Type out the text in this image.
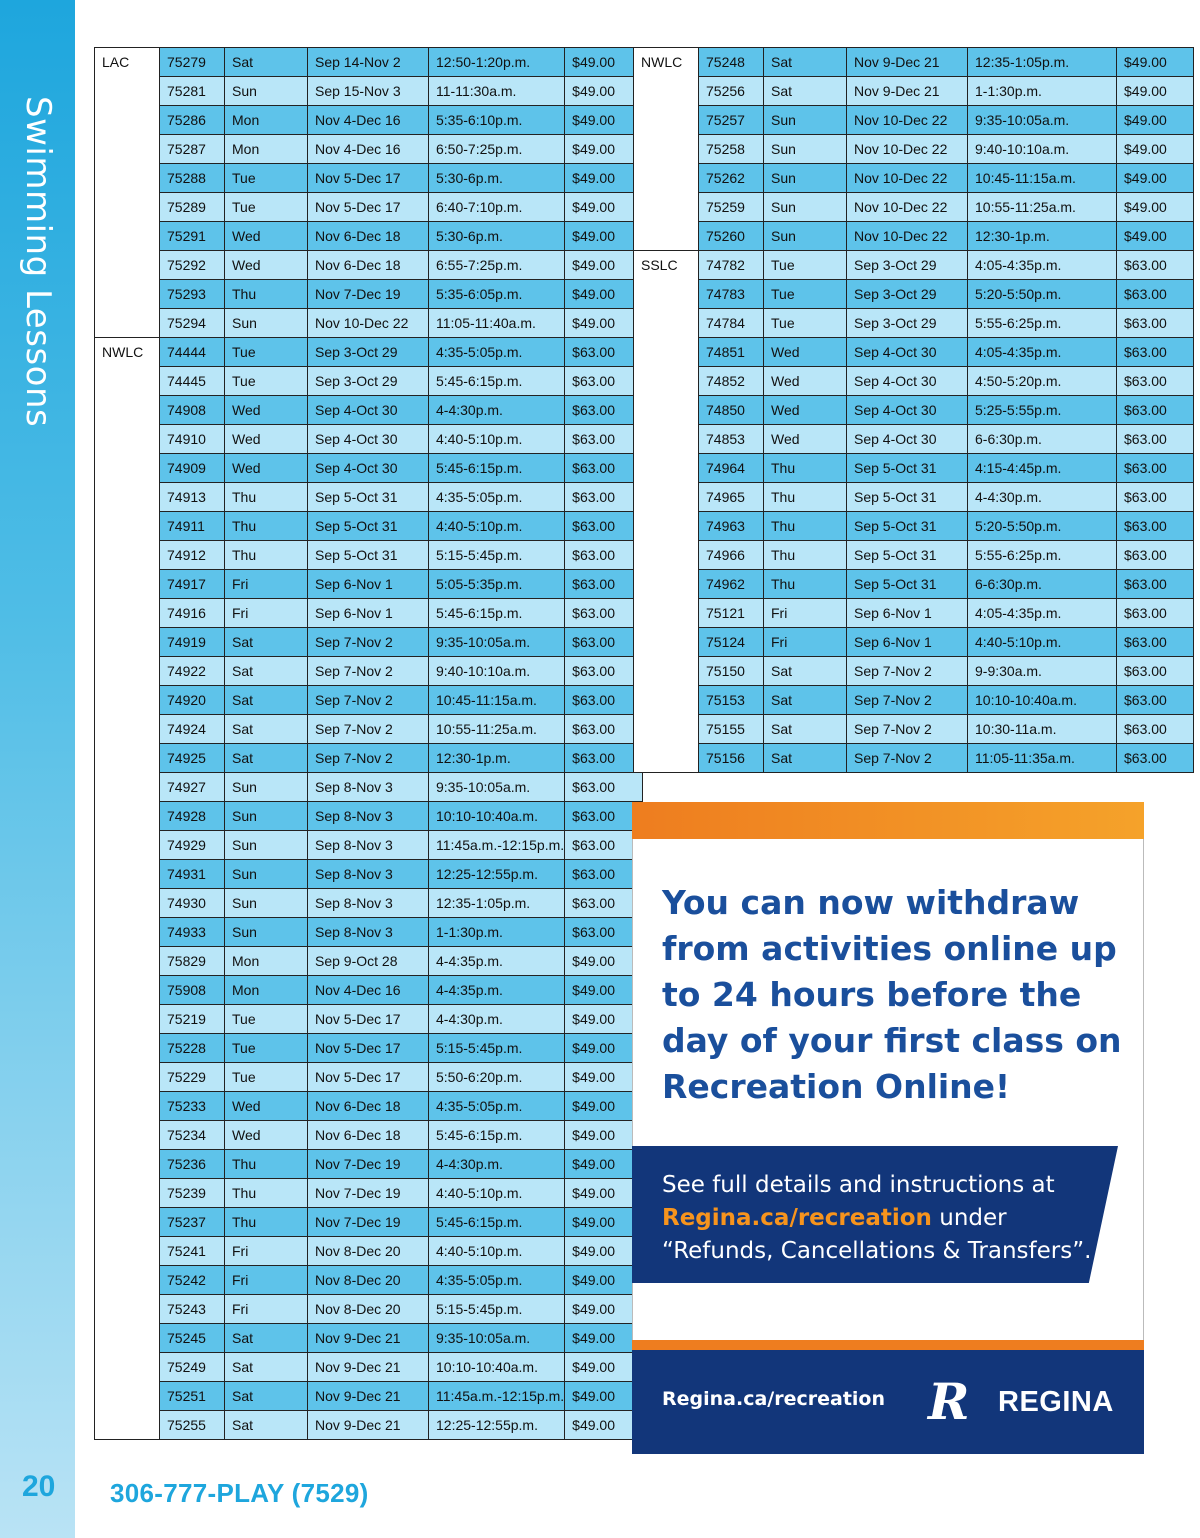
Swimming Lessons
LAC	75279	Sat	Sep 14-Nov 2	12:50-1:20p.m.	$49.00
	75281	Sun	Sep 15-Nov 3	11-11:30a.m.	$49.00
	75286	Mon	Nov 4-Dec 16	5:35-6:10p.m.	$49.00
	75287	Mon	Nov 4-Dec 16	6:50-7:25p.m.	$49.00
	75288	Tue	Nov 5-Dec 17	5:30-6p.m.	$49.00
	75289	Tue	Nov 5-Dec 17	6:40-7:10p.m.	$49.00
	75291	Wed	Nov 6-Dec 18	5:30-6p.m.	$49.00
	75292	Wed	Nov 6-Dec 18	6:55-7:25p.m.	$49.00
	75293	Thu	Nov 7-Dec 19	5:35-6:05p.m.	$49.00
	75294	Sun	Nov 10-Dec 22	11:05-11:40a.m.	$49.00
NWLC	74444	Tue	Sep 3-Oct 29	4:35-5:05p.m.	$63.00
	74445	Tue	Sep 3-Oct 29	5:45-6:15p.m.	$63.00
	74908	Wed	Sep 4-Oct 30	4-4:30p.m.	$63.00
	74910	Wed	Sep 4-Oct 30	4:40-5:10p.m.	$63.00
	74909	Wed	Sep 4-Oct 30	5:45-6:15p.m.	$63.00
	74913	Thu	Sep 5-Oct 31	4:35-5:05p.m.	$63.00
	74911	Thu	Sep 5-Oct 31	4:40-5:10p.m.	$63.00
	74912	Thu	Sep 5-Oct 31	5:15-5:45p.m.	$63.00
	74917	Fri	Sep 6-Nov 1	5:05-5:35p.m.	$63.00
	74916	Fri	Sep 6-Nov 1	5:45-6:15p.m.	$63.00
	74919	Sat	Sep 7-Nov 2	9:35-10:05a.m.	$63.00
	74922	Sat	Sep 7-Nov 2	9:40-10:10a.m.	$63.00
	74920	Sat	Sep 7-Nov 2	10:45-11:15a.m.	$63.00
	74924	Sat	Sep 7-Nov 2	10:55-11:25a.m.	$63.00
	74925	Sat	Sep 7-Nov 2	12:30-1p.m.	$63.00
	74927	Sun	Sep 8-Nov 3	9:35-10:05a.m.	$63.00
	74928	Sun	Sep 8-Nov 3	10:10-10:40a.m.	$63.00
	74929	Sun	Sep 8-Nov 3	11:45a.m.-12:15p.m.	$63.00
	74931	Sun	Sep 8-Nov 3	12:25-12:55p.m.	$63.00
	74930	Sun	Sep 8-Nov 3	12:35-1:05p.m.	$63.00
	74933	Sun	Sep 8-Nov 3	1-1:30p.m.	$63.00
	75829	Mon	Sep 9-Oct 28	4-4:35p.m.	$49.00
	75908	Mon	Nov 4-Dec 16	4-4:35p.m.	$49.00
	75219	Tue	Nov 5-Dec 17	4-4:30p.m.	$49.00
	75228	Tue	Nov 5-Dec 17	5:15-5:45p.m.	$49.00
	75229	Tue	Nov 5-Dec 17	5:50-6:20p.m.	$49.00
	75233	Wed	Nov 6-Dec 18	4:35-5:05p.m.	$49.00
	75234	Wed	Nov 6-Dec 18	5:45-6:15p.m.	$49.00
	75236	Thu	Nov 7-Dec 19	4-4:30p.m.	$49.00
	75239	Thu	Nov 7-Dec 19	4:40-5:10p.m.	$49.00
	75237	Thu	Nov 7-Dec 19	5:45-6:15p.m.	$49.00
	75241	Fri	Nov 8-Dec 20	4:40-5:10p.m.	$49.00
	75242	Fri	Nov 8-Dec 20	4:35-5:05p.m.	$49.00
	75243	Fri	Nov 8-Dec 20	5:15-5:45p.m.	$49.00
	75245	Sat	Nov 9-Dec 21	9:35-10:05a.m.	$49.00
	75249	Sat	Nov 9-Dec 21	10:10-10:40a.m.	$49.00
	75251	Sat	Nov 9-Dec 21	11:45a.m.-12:15p.m.	$49.00
	75255	Sat	Nov 9-Dec 21	12:25-12:55p.m.	$49.00
NWLC	75248	Sat	Nov 9-Dec 21	12:35-1:05p.m.	$49.00
	75256	Sat	Nov 9-Dec 21	1-1:30p.m.	$49.00
	75257	Sun	Nov 10-Dec 22	9:35-10:05a.m.	$49.00
	75258	Sun	Nov 10-Dec 22	9:40-10:10a.m.	$49.00
	75262	Sun	Nov 10-Dec 22	10:45-11:15a.m.	$49.00
	75259	Sun	Nov 10-Dec 22	10:55-11:25a.m.	$49.00
	75260	Sun	Nov 10-Dec 22	12:30-1p.m.	$49.00
SSLC	74782	Tue	Sep 3-Oct 29	4:05-4:35p.m.	$63.00
	74783	Tue	Sep 3-Oct 29	5:20-5:50p.m.	$63.00
	74784	Tue	Sep 3-Oct 29	5:55-6:25p.m.	$63.00
	74851	Wed	Sep 4-Oct 30	4:05-4:35p.m.	$63.00
	74852	Wed	Sep 4-Oct 30	4:50-5:20p.m.	$63.00
	74850	Wed	Sep 4-Oct 30	5:25-5:55p.m.	$63.00
	74853	Wed	Sep 4-Oct 30	6-6:30p.m.	$63.00
	74964	Thu	Sep 5-Oct 31	4:15-4:45p.m.	$63.00
	74965	Thu	Sep 5-Oct 31	4-4:30p.m.	$63.00
	74963	Thu	Sep 5-Oct 31	5:20-5:50p.m.	$63.00
	74966	Thu	Sep 5-Oct 31	5:55-6:25p.m.	$63.00
	74962	Thu	Sep 5-Oct 31	6-6:30p.m.	$63.00
	75121	Fri	Sep 6-Nov 1	4:05-4:35p.m.	$63.00
	75124	Fri	Sep 6-Nov 1	4:40-5:10p.m.	$63.00
	75150	Sat	Sep 7-Nov 2	9-9:30a.m.	$63.00
	75153	Sat	Sep 7-Nov 2	10:10-10:40a.m.	$63.00
	75155	Sat	Sep 7-Nov 2	10:30-11a.m.	$63.00
	75156	Sat	Sep 7-Nov 2	11:05-11:35a.m.	$63.00
You can now withdraw from activities online up to 24 hours before the day of your first class on Recreation Online!
See full details and instructions at Regina.ca/recreation under “Refunds, Cancellations & Transfers”.
Regina.ca/recreation R REGINA
20 306-777-PLAY (7529)
